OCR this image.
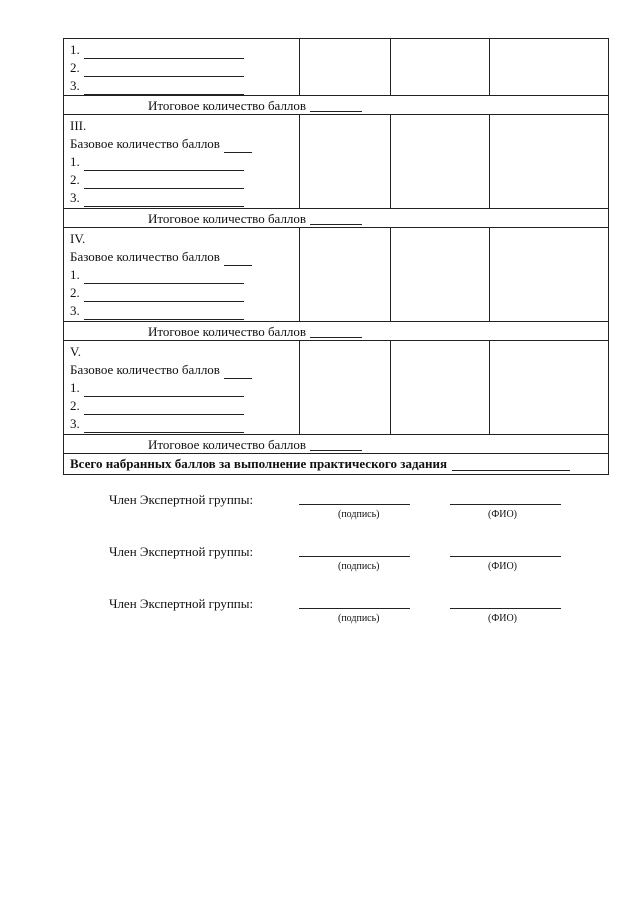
1.
2.
3.
Итоговое количество баллов
III.
Базовое количество баллов
1.
2.
3.
Итоговое количество баллов
IV.
Базовое количество баллов
1.
2.
3.
Итоговое количество баллов
V.
Базовое количество баллов
1.
2.
3.
Итоговое количество баллов
Всего набранных баллов за выполнение практического задания
Член Экспертной группы:
(подпись)	(ФИО)
Член Экспертной группы:
(подпись)	(ФИО)
Член Экспертной группы:
(подпись)	(ФИО)
